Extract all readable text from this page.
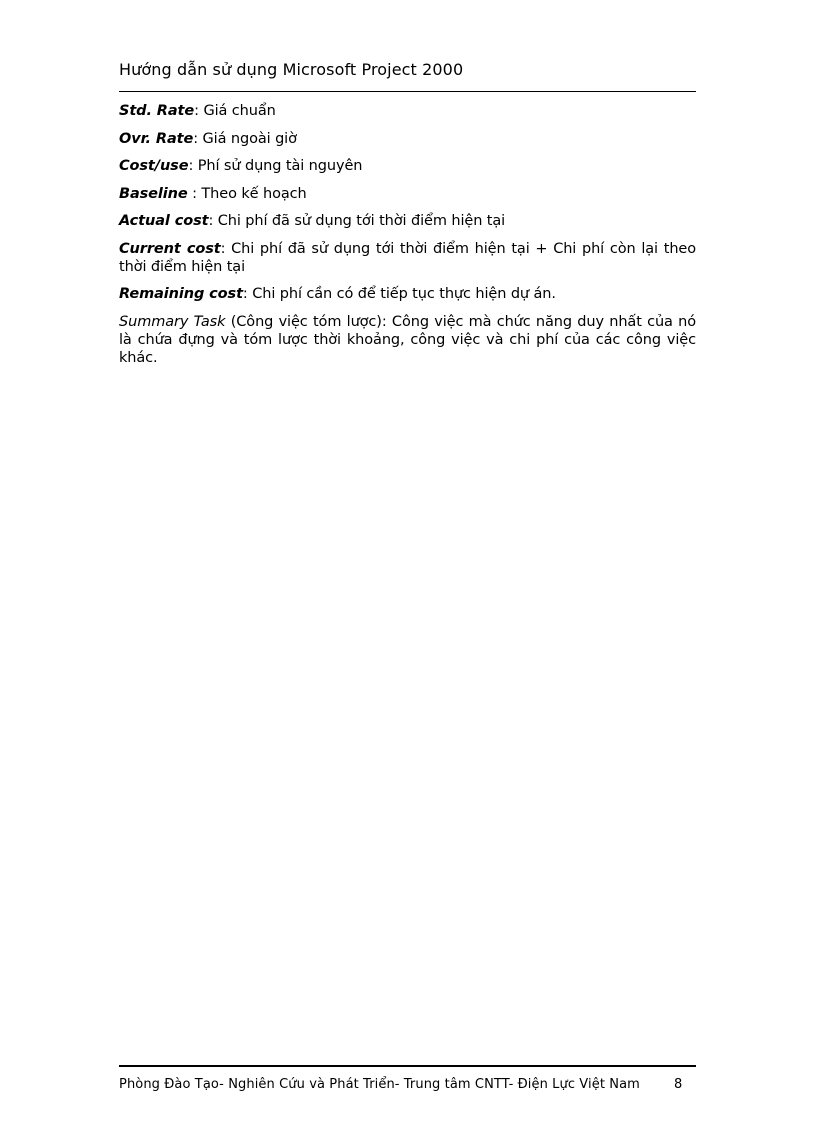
Hướng dẫn sử dụng Microsoft Project 2000

Std. Rate: Giá chuẩn

Ovr. Rate: Giá ngoài giờ

Cost/use: Phí sử dụng tài nguyên

Baseline : Theo kế hoạch

Actual cost: Chi phí đã sử dụng tới thời điểm hiện tại

Current cost: Chi phí đã sử dụng tới thời điểm hiện tại + Chi phí còn lại theo thời điểm hiện tại

Remaining cost: Chi phí cần có để tiếp tục thực hiện dự án.

Summary Task (Công việc tóm lược): Công việc mà chức năng duy nhất của nó là chứa đựng và tóm lược thời khoảng, công việc và chi phí của các công việc khác.

Phòng Đào Tạo- Nghiên Cứu và Phát Triển- Trung tâm CNTT- Điện Lực Việt Nam	8
